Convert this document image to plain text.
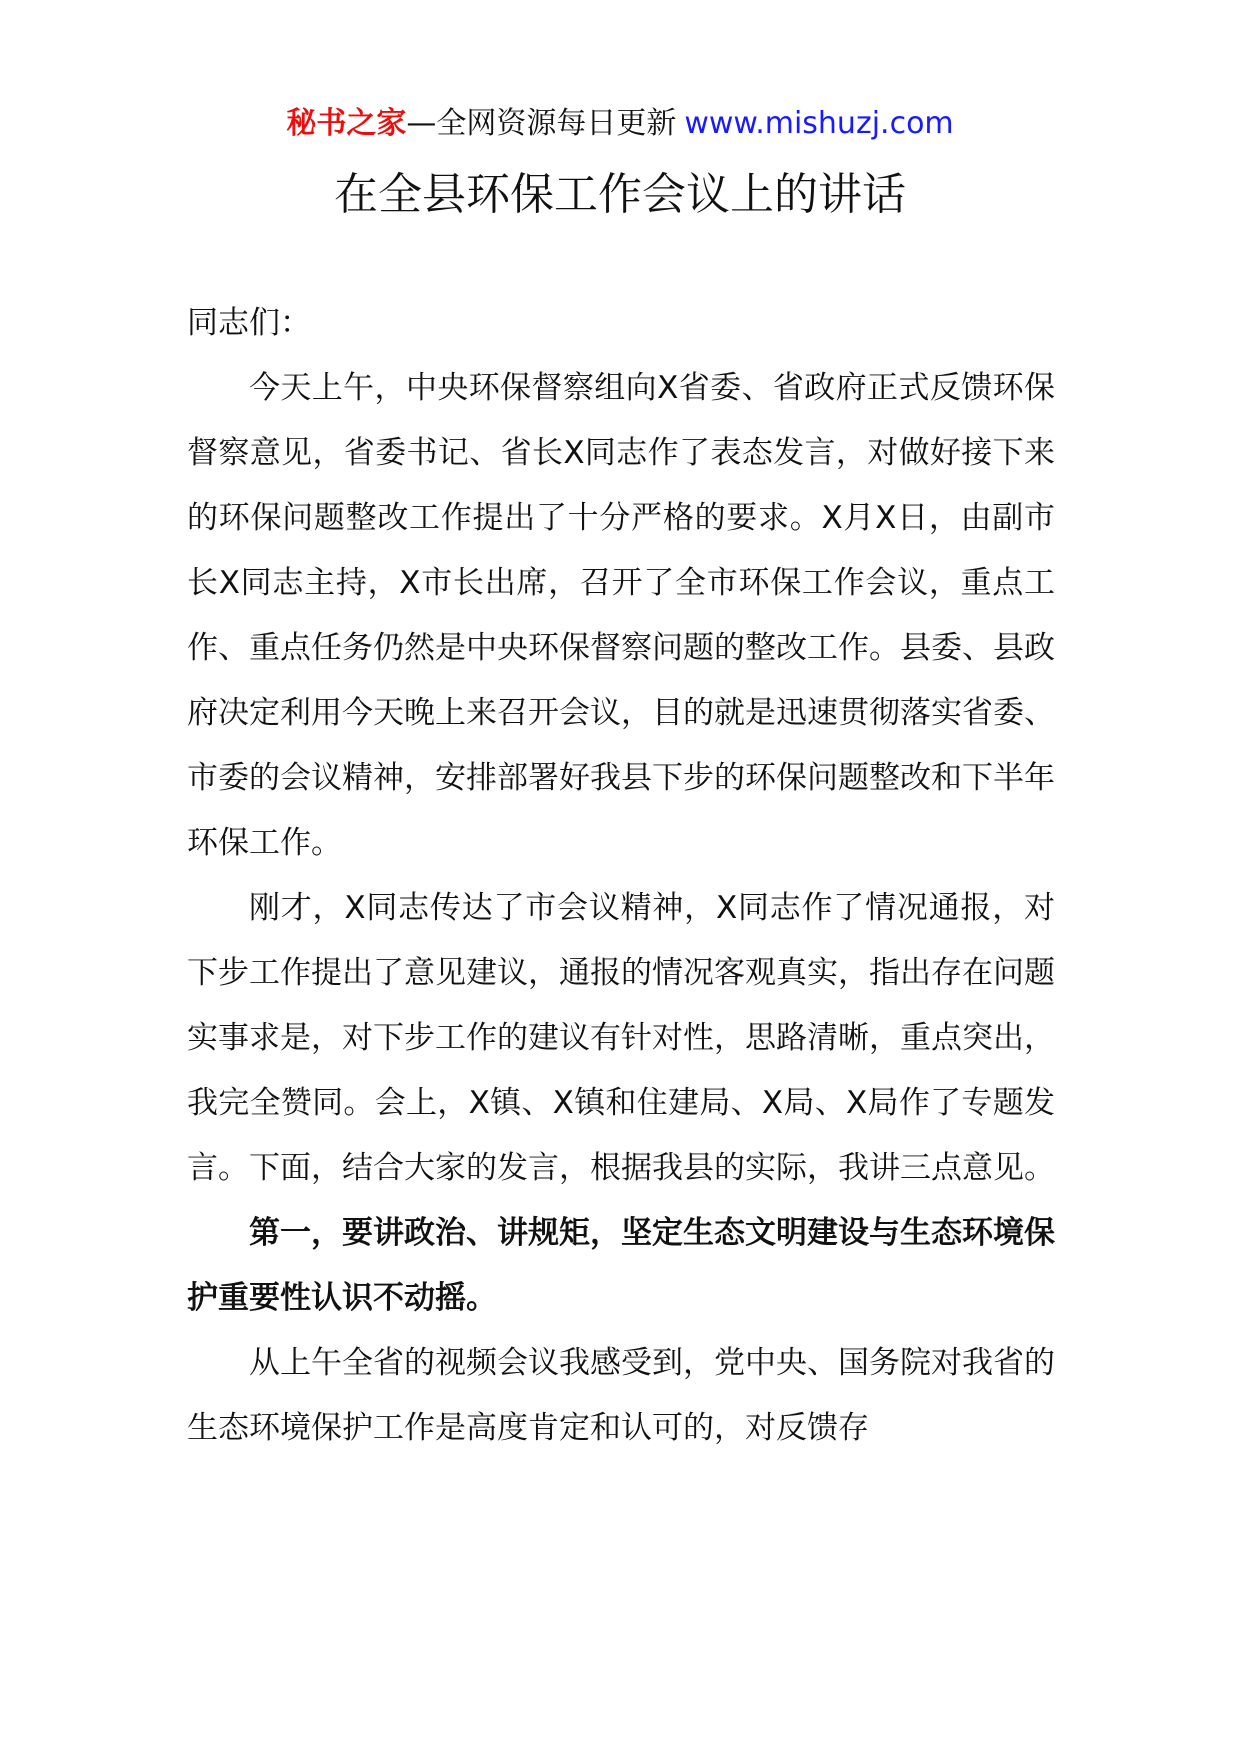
秘书之家—全网资源每日更新 www.mishuzj.com
在全县环保工作会议上的讲话

同志们：

今天上午，中央环保督察组向X省委、省政府正式反馈环保督察意见，省委书记、省长X同志作了表态发言，对做好接下来的环保问题整改工作提出了十分严格的要求。X月X日，由副市长X同志主持，X市长出席，召开了全市环保工作会议，重点工作、重点任务仍然是中央环保督察问题的整改工作。县委、县政府决定利用今天晚上来召开会议，目的就是迅速贯彻落实省委、市委的会议精神，安排部署好我县下步的环保问题整改和下半年环保工作。

刚才，X同志传达了市会议精神，X同志作了情况通报，对下步工作提出了意见建议，通报的情况客观真实，指出存在问题实事求是，对下步工作的建议有针对性，思路清晰，重点突出，我完全赞同。会上，X镇、X镇和住建局、X局、X局作了专题发言。下面，结合大家的发言，根据我县的实际，我讲三点意见。

第一，要讲政治、讲规矩，坚定生态文明建设与生态环境保护重要性认识不动摇。

从上午全省的视频会议我感受到，党中央、国务院对我省的生态环境保护工作是高度肯定和认可的，对反馈存
